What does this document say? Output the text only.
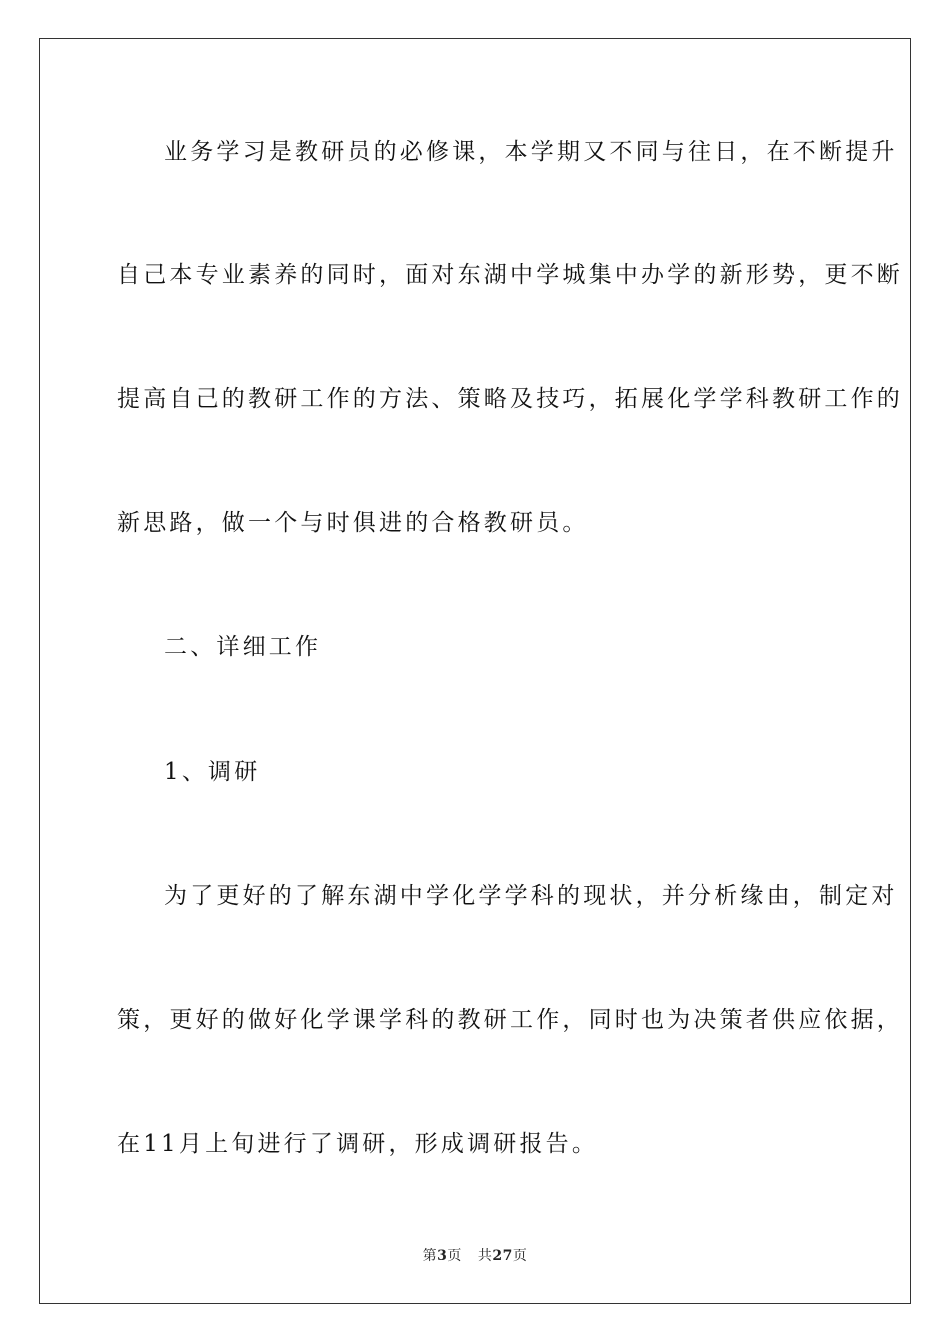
业务学习是教研员的必修课，本学期又不同与往日，在不断提升
自己本专业素养的同时，面对东湖中学城集中办学的新形势，更不断
提高自己的教研工作的方法、策略及技巧，拓展化学学科教研工作的
新思路，做一个与时俱进的合格教研员。
二、详细工作
1、调研
为了更好的了解东湖中学化学学科的现状，并分析缘由，制定对
策，更好的做好化学课学科的教研工作，同时也为决策者供应依据，
在11月上旬进行了调研，形成调研报告。
第3页 共27页
